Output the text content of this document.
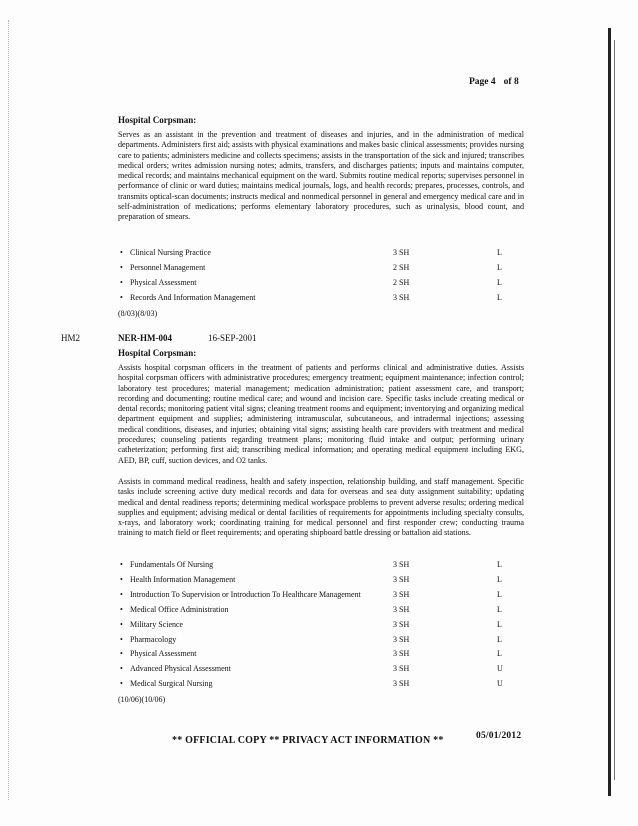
Page 4 of 8
Hospital Corpsman:
Serves as an assistant in the prevention and treatment of diseases and injuries, and in the administration of medical departments. Administers first aid; assists with physical examinations and makes basic clinical assessments; provides nursing care to patients; administers medicine and collects specimens; assists in the transportation of the sick and injured; transcribes medical orders; writes admission nursing notes; admits, transfers, and discharges patients; inputs and maintains computer, medical records; and maintains mechanical equipment on the ward. Submits routine medical reports; supervises personnel in performance of clinic or ward duties; maintains medical journals, logs, and health records; prepares, processes, controls, and transmits optical-scan documents; instructs medical and nonmedical personnel in general and emergency medical care and in self-administration of medications; performs elementary laboratory procedures, such as urinalysis, blood count, and preparation of smears.
• Clinical Nursing Practice	3 SH	L
• Personnel Management	2 SH	L
• Physical Assessment	2 SH	L
• Records And Information Management	3 SH	L
(8/03)(8/03)
HM2	NER-HM-004	16-SEP-2001
Hospital Corpsman:
Assists hospital corpsman officers in the treatment of patients and performs clinical and administrative duties. Assists hospital corpsman officers with administrative procedures; emergency treatment; equipment maintenance; infection control; laboratory test procedures; material management; medication administration; patient assessment care, and transport; recording and documenting; routine medical care; and wound and incision care. Specific tasks include creating medical or dental records; monitoring patient vital signs; cleaning treatment rooms and equipment; inventorying and organizing medical department equipment and supplies; administering intramuscular, subcutaneous, and intradermal injections; assessing medical conditions, diseases, and injuries; obtaining vital signs; assisting health care providers with treatment and medical procedures; counseling patients regarding treatment plans; monitoring fluid intake and output; performing urinary catheterization; performing first aid; transcribing medical information; and operating medical equipment including EKG, AED, BP, cuff, suction devices, and O2 tanks.
Assists in command medical readiness, health and safety inspection, relationship building, and staff management. Specific tasks include screening active duty medical records and data for overseas and sea duty assignment suitability; updating medical and dental readiness reports; determining medical workspace problems to prevent adverse results; ordering medical supplies and equipment; advising medical or dental facilities of requirements for appointments including specialty consults, x-rays, and laboratory work; coordinating training for medical personnel and first responder crew; conducting trauma training to match field or fleet requirements; and operating shipboard battle dressing or battalion aid stations.
• Fundamentals Of Nursing	3 SH	L
• Health Information Management	3 SH	L
• Introduction To Supervision or Introduction To Healthcare Management	3 SH	L
• Medical Office Administration	3 SH	L
• Military Science	3 SH	L
• Pharmacology	3 SH	L
• Physical Assessment	3 SH	L
• Advanced Physical Assessment	3 SH	U
• Medical Surgical Nursing	3 SH	U
(10/06)(10/06)
** OFFICIAL COPY ** PRIVACY ACT INFORMATION **	05/01/2012
